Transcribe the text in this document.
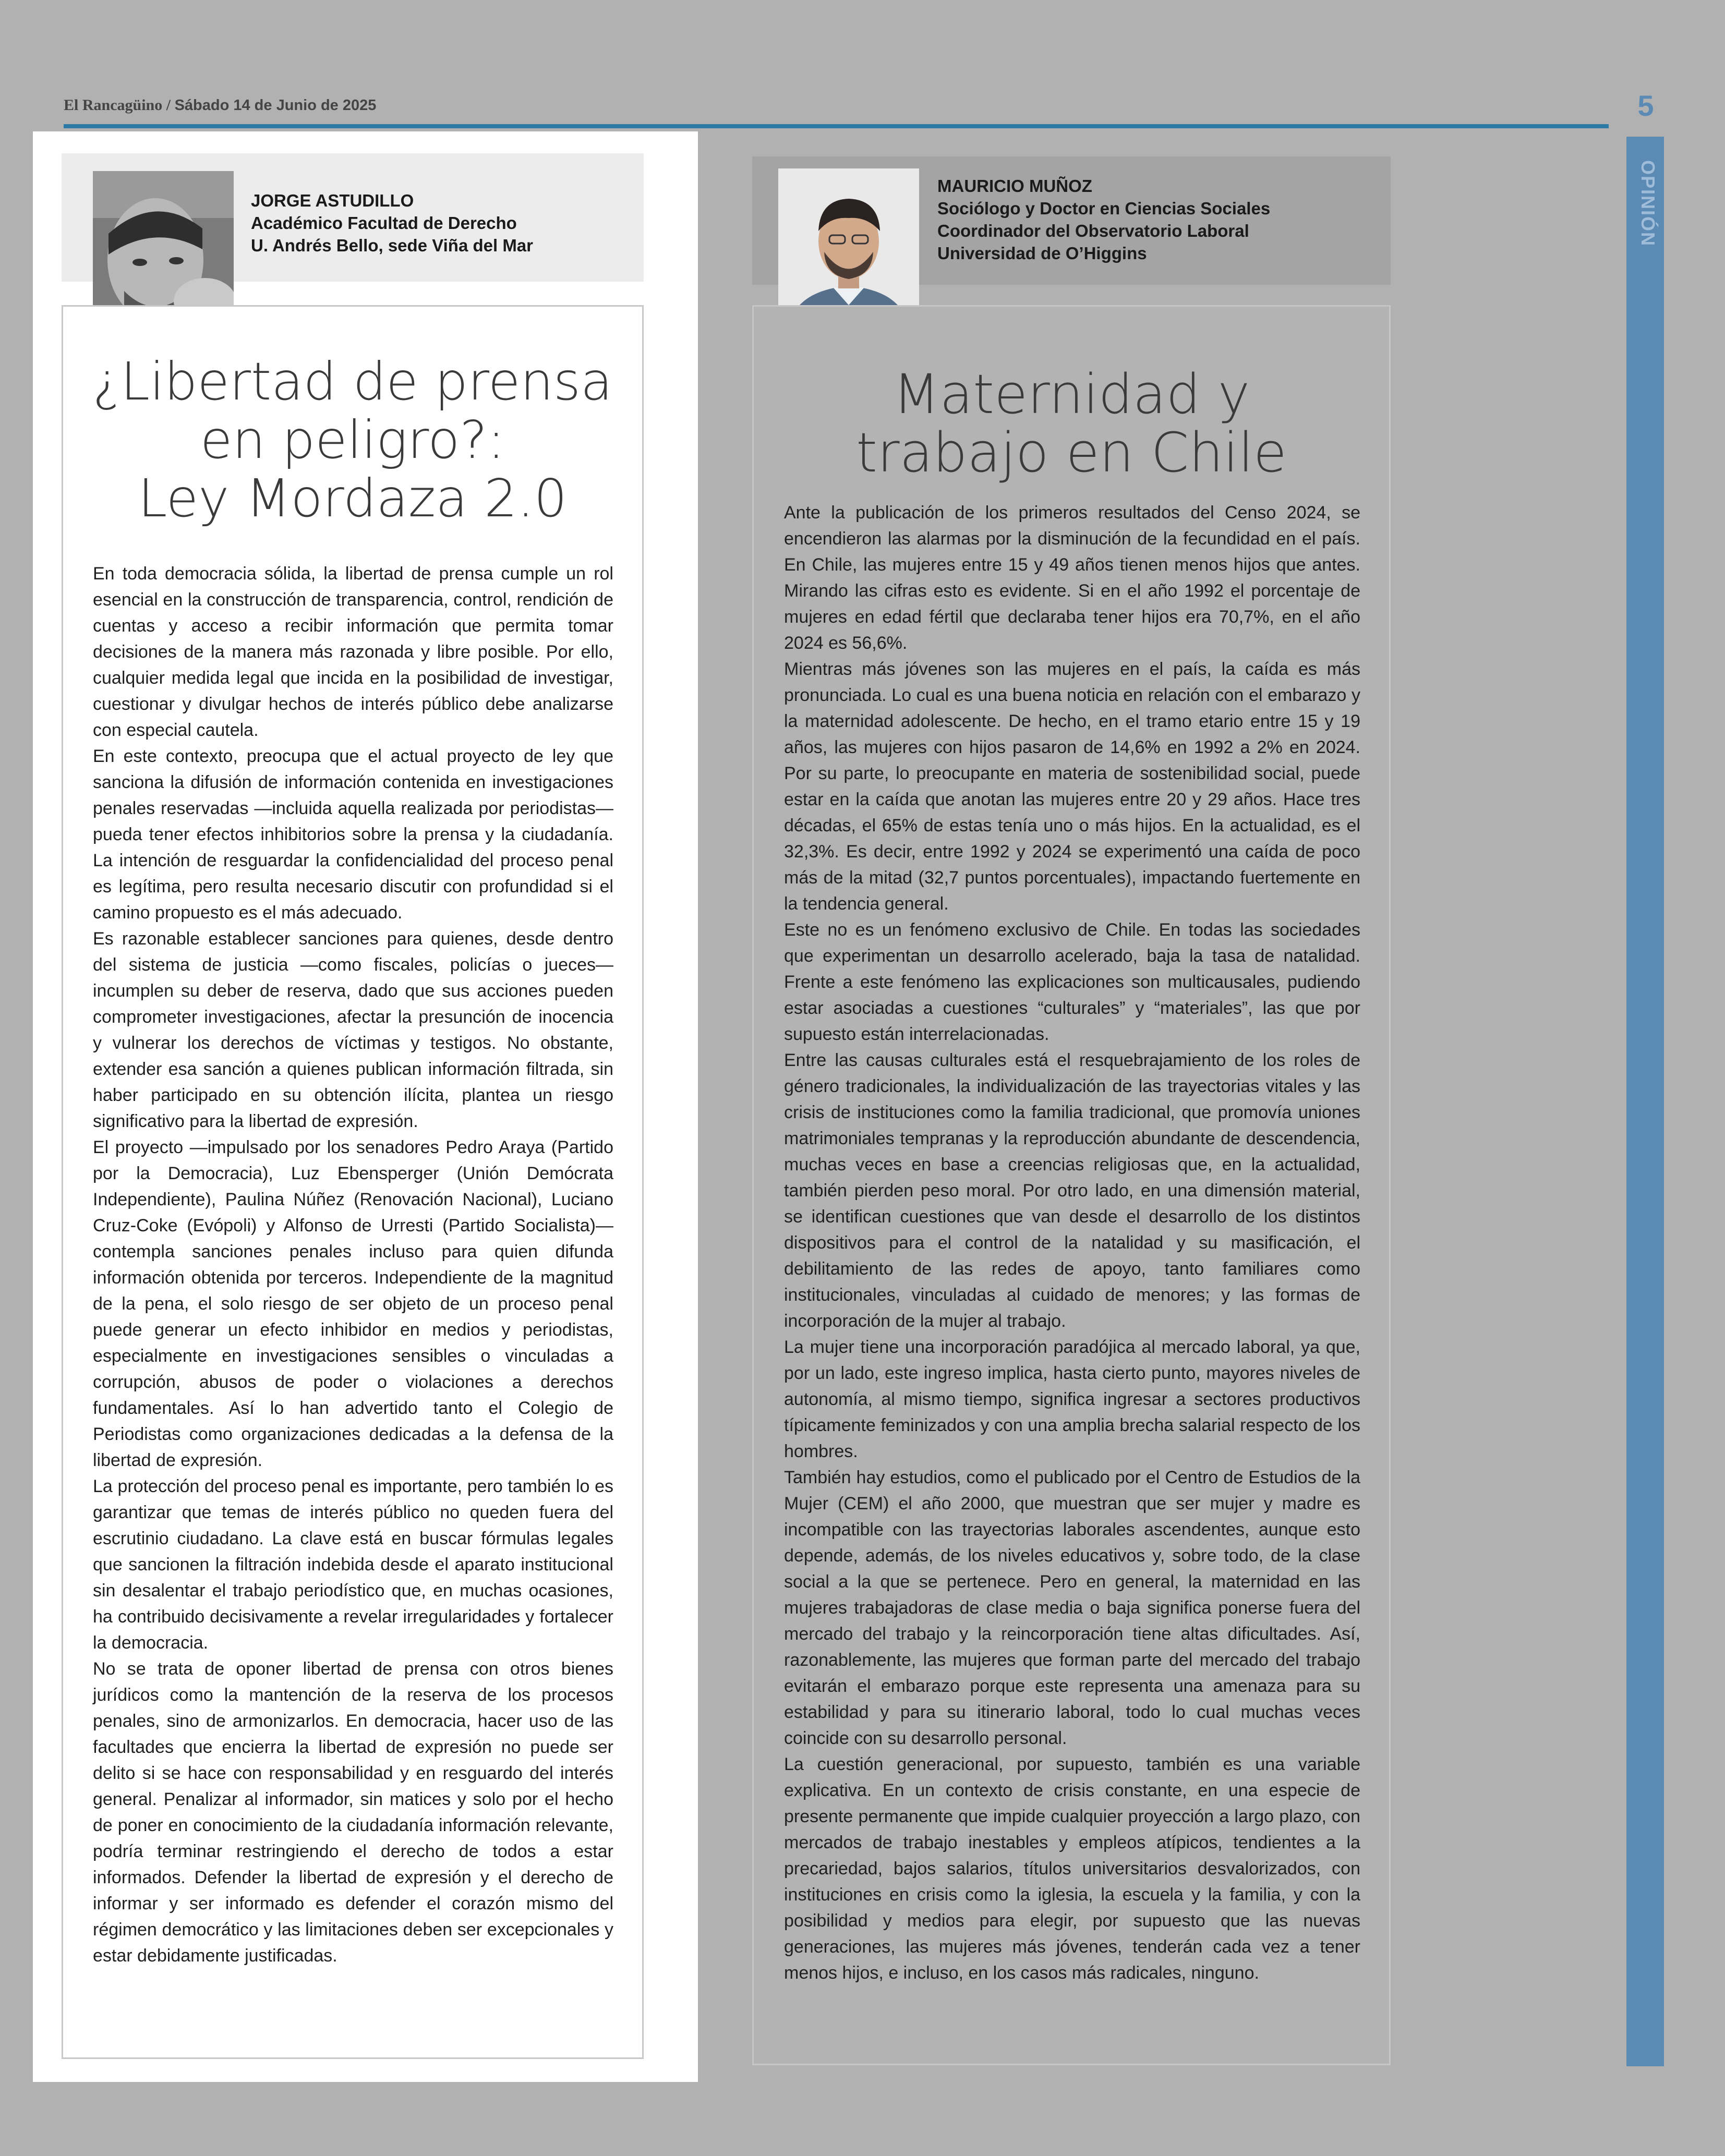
El Rancagüino / Sábado 14 de Junio de 2025	5
OPINIÓN
JORGE ASTUDILLO
Académico Facultad de Derecho
U. Andrés Bello, sede Viña del Mar
¿Libertad de prensa
en peligro?:
Ley Mordaza 2.0

En toda democracia sólida, la libertad de prensa cumple un rol esencial en la construcción de transparencia, control, rendición de cuentas y acceso a recibir información que permita tomar decisiones de la manera más razonada y libre posible. Por ello, cualquier medida legal que incida en la posibilidad de investigar, cuestionar y divulgar hechos de interés público debe analizarse con especial cautela.

En este contexto, preocupa que el actual proyecto de ley que sanciona la difusión de información contenida en investigaciones penales reservadas —incluida aquella realizada por periodistas— pueda tener efectos inhibitorios sobre la prensa y la ciudadanía. La intención de resguardar la confidencialidad del proceso penal es legítima, pero resulta necesario discutir con profundidad si el camino propuesto es el más adecuado.

Es razonable establecer sanciones para quienes, desde dentro del sistema de justicia —como fiscales, policías o jueces— incumplen su deber de reserva, dado que sus acciones pueden comprometer investigaciones, afectar la presunción de inocencia y vulnerar los derechos de víctimas y testigos. No obstante, extender esa sanción a quienes publican información filtrada, sin haber participado en su obtención ilícita, plantea un riesgo significativo para la libertad de expresión.

El proyecto —impulsado por los senadores Pedro Araya (Partido por la Democracia), Luz Ebensperger (Unión Demócrata Independiente), Paulina Núñez (Renovación Nacional), Luciano Cruz-Coke (Evópoli) y Alfonso de Urresti (Partido Socialista)— contempla sanciones penales incluso para quien difunda información obtenida por terceros. Independiente de la magnitud de la pena, el solo riesgo de ser objeto de un proceso penal puede generar un efecto inhibidor en medios y periodistas, especialmente en investigaciones sensibles o vinculadas a corrupción, abusos de poder o violaciones a derechos fundamentales. Así lo han advertido tanto el Colegio de Periodistas como organizaciones dedicadas a la defensa de la libertad de expresión.

La protección del proceso penal es importante, pero también lo es garantizar que temas de interés público no queden fuera del escrutinio ciudadano. La clave está en buscar fórmulas legales que sancionen la filtración indebida desde el aparato institucional sin desalentar el trabajo periodístico que, en muchas ocasiones, ha contribuido decisivamente a revelar irregularidades y fortalecer la democracia.

No se trata de oponer libertad de prensa con otros bienes jurídicos como la mantención de la reserva de los procesos penales, sino de armonizarlos. En democracia, hacer uso de las facultades que encierra la libertad de expresión no puede ser delito si se hace con responsabilidad y en resguardo del interés general. Penalizar al informador, sin matices y solo por el hecho de poner en conocimiento de la ciudadanía información relevante, podría terminar restringiendo el derecho de todos a estar informados. Defender la libertad de expresión y el derecho de informar y ser informado es defender el corazón mismo del régimen democrático y las limitaciones deben ser excepcionales y estar debidamente justificadas.

MAURICIO MUÑOZ
Sociólogo y Doctor en Ciencias Sociales
Coordinador del Observatorio Laboral
Universidad de O’Higgins
Maternidad y
trabajo en Chile

Ante la publicación de los primeros resultados del Censo 2024, se encendieron las alarmas por la disminución de la fecundidad en el país. En Chile, las mujeres entre 15 y 49 años tienen menos hijos que antes. Mirando las cifras esto es evidente. Si en el año 1992 el porcentaje de mujeres en edad fértil que declaraba tener hijos era 70,7%, en el año 2024 es 56,6%.

Mientras más jóvenes son las mujeres en el país, la caída es más pronunciada. Lo cual es una buena noticia en relación con el embarazo y la maternidad adolescente. De hecho, en el tramo etario entre 15 y 19 años, las mujeres con hijos pasaron de 14,6% en 1992 a 2% en 2024. Por su parte, lo preocupante en materia de sostenibilidad social, puede estar en la caída que anotan las mujeres entre 20 y 29 años. Hace tres décadas, el 65% de estas tenía uno o más hijos. En la actualidad, es el 32,3%. Es decir, entre 1992 y 2024 se experimentó una caída de poco más de la mitad (32,7 puntos porcentuales), impactando fuertemente en la tendencia general.

Este no es un fenómeno exclusivo de Chile. En todas las sociedades que experimentan un desarrollo acelerado, baja la tasa de natalidad. Frente a este fenómeno las explicaciones son multicausales, pudiendo estar asociadas a cuestiones “culturales” y “materiales”, las que por supuesto están interrelacionadas.

Entre las causas culturales está el resquebrajamiento de los roles de género tradicionales, la individualización de las trayectorias vitales y las crisis de instituciones como la familia tradicional, que promovía uniones matrimoniales tempranas y la reproducción abundante de descendencia, muchas veces en base a creencias religiosas que, en la actualidad, también pierden peso moral. Por otro lado, en una dimensión material, se identifican cuestiones que van desde el desarrollo de los distintos dispositivos para el control de la natalidad y su masificación, el debilitamiento de las redes de apoyo, tanto familiares como institucionales, vinculadas al cuidado de menores; y las formas de incorporación de la mujer al trabajo.

La mujer tiene una incorporación paradójica al mercado laboral, ya que, por un lado, este ingreso implica, hasta cierto punto, mayores niveles de autonomía, al mismo tiempo, significa ingresar a sectores productivos típicamente feminizados y con una amplia brecha salarial respecto de los hombres.

También hay estudios, como el publicado por el Centro de Estudios de la Mujer (CEM) el año 2000, que muestran que ser mujer y madre es incompatible con las trayectorias laborales ascendentes, aunque esto depende, además, de los niveles educativos y, sobre todo, de la clase social a la que se pertenece. Pero en general, la maternidad en las mujeres trabajadoras de clase media o baja significa ponerse fuera del mercado del trabajo y la reincorporación tiene altas dificultades. Así, razonablemente, las mujeres que forman parte del mercado del trabajo evitarán el embarazo porque este representa una amenaza para su estabilidad y para su itinerario laboral, todo lo cual muchas veces coincide con su desarrollo personal.

La cuestión generacional, por supuesto, también es una variable explicativa. En un contexto de crisis constante, en una especie de presente permanente que impide cualquier proyección a largo plazo, con mercados de trabajo inestables y empleos atípicos, tendientes a la precariedad, bajos salarios, títulos universitarios desvalorizados, con instituciones en crisis como la iglesia, la escuela y la familia, y con la posibilidad y medios para elegir, por supuesto que las nuevas generaciones, las mujeres más jóvenes, tenderán cada vez a tener menos hijos, e incluso, en los casos más radicales, ninguno.
